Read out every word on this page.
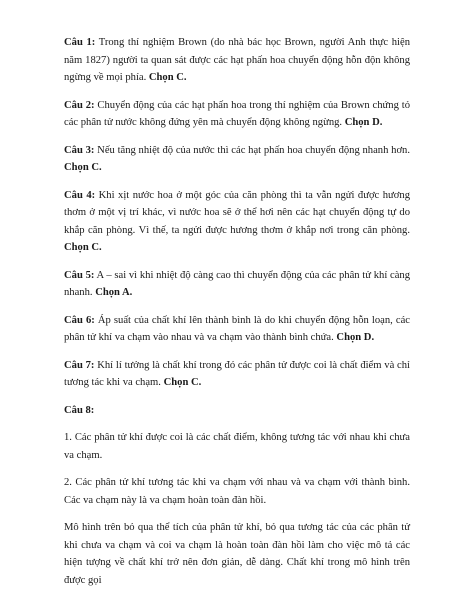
Câu 1: Trong thí nghiệm Brown (do nhà bác học Brown, người Anh thực hiện năm 1827) người ta quan sát được các hạt phấn hoa chuyển động hỗn độn không ngừng về mọi phía. Chọn C.

Câu 2: Chuyển động của các hạt phấn hoa trong thí nghiệm của Brown chứng tỏ các phân tử nước không đứng yên mà chuyển động không ngừng. Chọn D.

Câu 3: Nếu tăng nhiệt độ của nước thì các hạt phấn hoa chuyển động nhanh hơn. Chọn C.

Câu 4: Khi xịt nước hoa ở một góc của căn phòng thì ta vẫn ngửi được hương thơm ở một vị trí khác, vì nước hoa sẽ ở thể hơi nên các hạt chuyển động tự do khắp căn phòng. Vì thế, ta ngửi được hương thơm ở khắp nơi trong căn phòng. Chọn C.

Câu 5: A – sai vì khi nhiệt độ càng cao thì chuyển động của các phân tử khí càng nhanh. Chọn A.

Câu 6: Áp suất của chất khí lên thành bình là do khi chuyển động hỗn loạn, các phân tử khí va chạm vào nhau và va chạm vào thành bình chứa. Chọn D.

Câu 7: Khí lí tưởng là chất khí trong đó các phân tử được coi là chất điểm và chỉ tương tác khi va chạm. Chọn C.

Câu 8:

1. Các phân tử khí được coi là các chất điểm, không tương tác với nhau khi chưa va chạm.

2. Các phân tử khí tương tác khi va chạm với nhau và va chạm với thành bình. Các va chạm này là va chạm hoàn toàn đàn hồi.

Mô hình trên bỏ qua thể tích của phân tử khí, bỏ qua tương tác của các phân tử khi chưa va chạm và coi va chạm là hoàn toàn đàn hồi làm cho việc mô tả các hiện tượng về chất khí trở nên đơn giản, dễ dàng. Chất khí trong mô hình trên được gọi
